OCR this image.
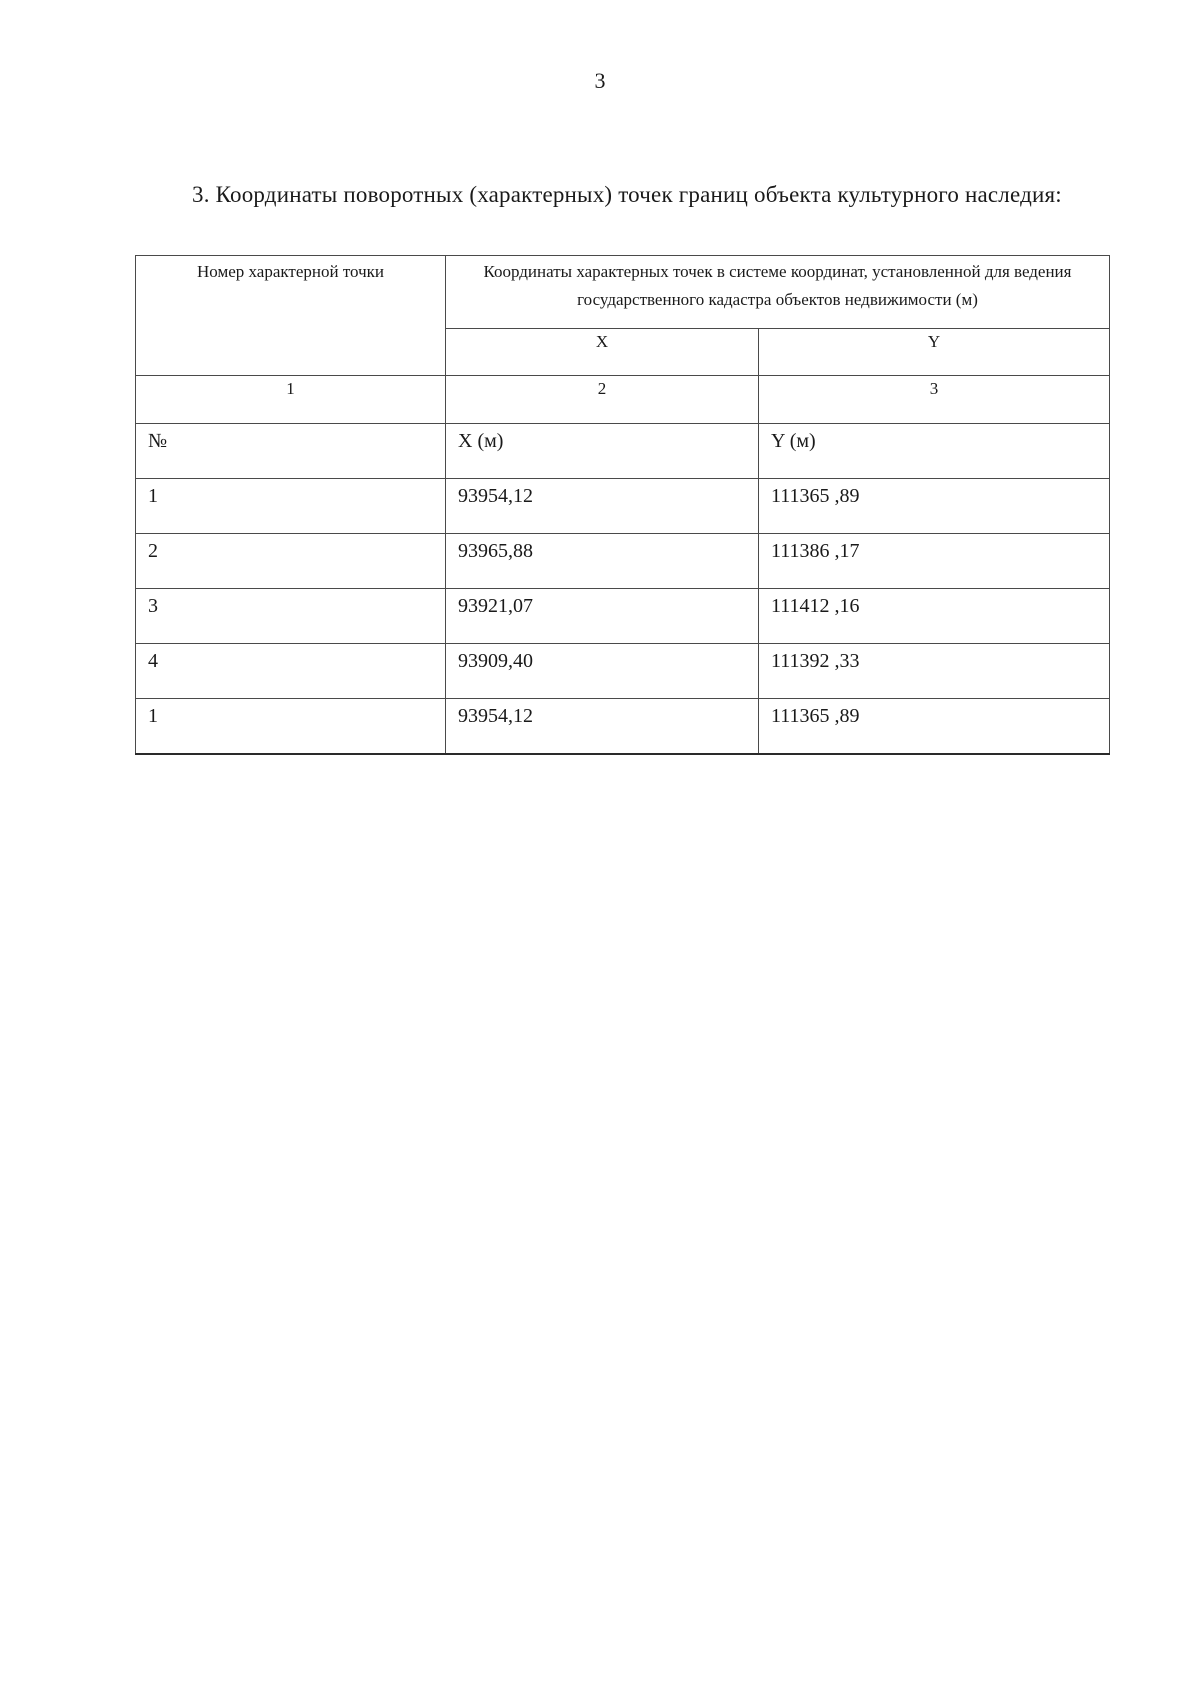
3
3. Координаты поворотных (характерных) точек границ объекта культурного наследия:
Номер характерной точки	Координаты характерных точек в системе координат, установленной для ведения государственного кадастра объектов недвижимости (м)	
	X	Y
1	2	3
№	X (м)	Y (м)
1	93954,12	111365 ,89
2	93965,88	111386 ,17
3	93921,07	111412 ,16
4	93909,40	111392 ,33
1	93954,12	111365 ,89
